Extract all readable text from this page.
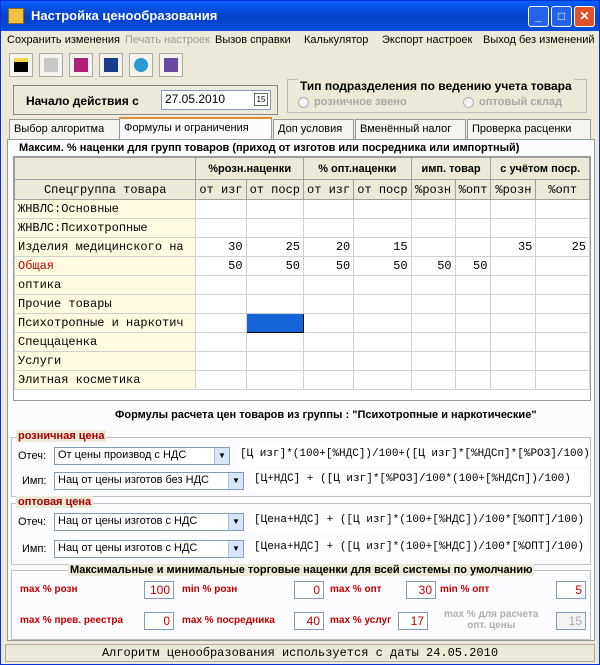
Настройка ценообразования	_	□	✕
Сохранить изменения Печать настроек Вызов справки Калькулятор Экспорт настроек Выход без изменений
Начало действия с	27.05.2010	15
Тип подразделения по ведению учета товара
розничное звено	оптовый склад
Выбор алгоритма	Формулы и ограничения	Доп условия	Вменённый налог	Проверка расценки
Максим. % наценки для групп товаров (приход от изготов или посредника или импортный)
	%розн.наценки		% опт.наценки		имп. товар		с учётом поср.	
Спецгруппа товара	от изг	от поср	от изг	от поср	%розн	%опт	%розн	%опт
ЖНВЛС:Основные								
ЖНВЛС:Психотропные								
Изделия медицинского на	30	25	20	15			35	25
Общая	50	50	50	50	50	50		
оптика								
Прочие товары								
Психотропные и наркотич								
Спеццаценка								
Услуги								
Элитная косметика								
Формулы расчета цен товаров из группы : "Психотропные и наркотические"
розничная цена
Отеч:	От цены производ с НДС	▼	[Ц изг]*(100+[%НДС])/100+([Ц изг]*[%НДСп]*[%РОЗ]/100)
Имп:	Нац от цены изготов без НДС	▼	[Ц+НДС] + ([Ц изг]*[%РОЗ]/100*(100+[%НДСп])/100)
оптовая цена
Отеч:	Нац от цены изготов с НДС	▼	[Цена+НДС] + ([Ц изг]*(100+[%НДС])/100*[%ОПТ]/100)
Имп:	Нац от цены изготов с НДС	▼	[Цена+НДС] + ([Ц изг]*(100+[%НДС])/100*[%ОПТ]/100)
Максимальные и минимальные торговые наценки для всей системы по умолчанию
max % розн	100	min % розн	0	max % опт	30 min % опт	5
max % прев. реестра	0	max % посредника	40	max % услуг	17	max % для расчета
опт. цены	15
Алгоритм ценообразования используется с даты 24.05.2010
